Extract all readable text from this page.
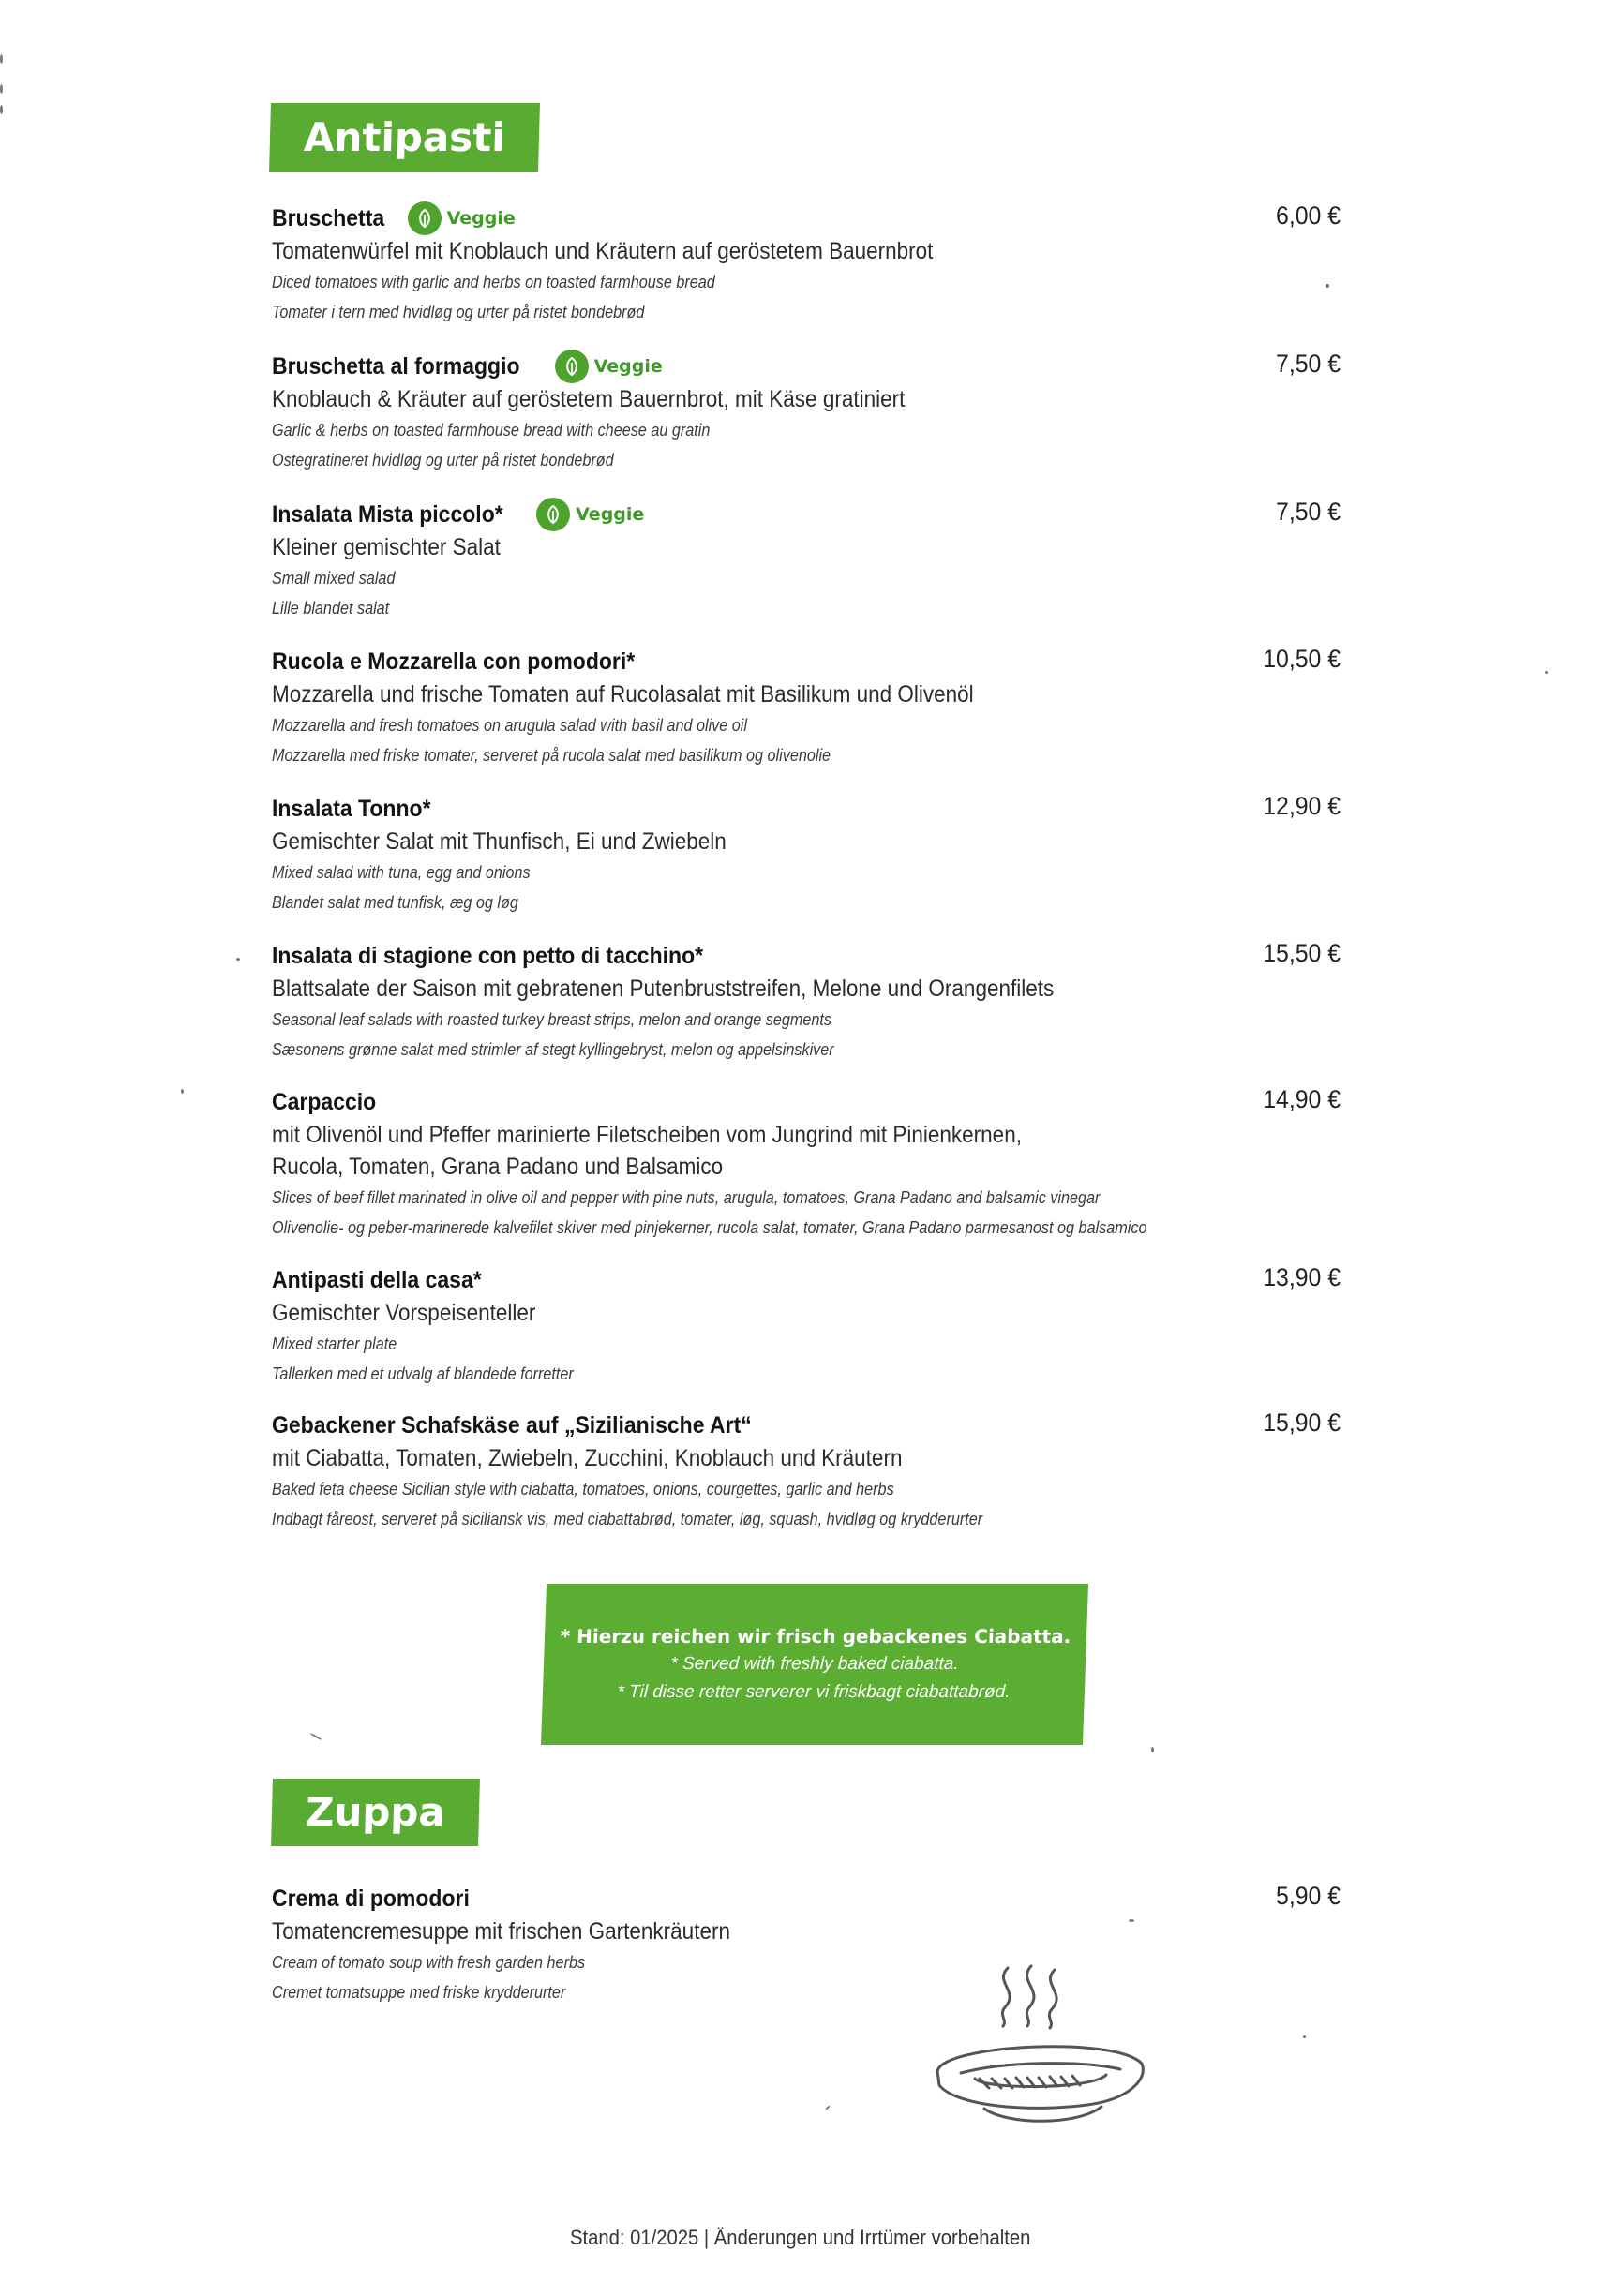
Antipasti
Bruschetta	Veggie	6,00 €
Tomatenwürfel mit Knoblauch und Kräutern auf geröstetem Bauernbrot
Diced tomatoes with garlic and herbs on toasted farmhouse bread
Tomater i tern med hvidløg og urter på ristet bondebrød
Bruschetta al formaggio	Veggie	7,50 €
Knoblauch & Kräuter auf geröstetem Bauernbrot, mit Käse gratiniert
Garlic & herbs on toasted farmhouse bread with cheese au gratin
Ostegratineret hvidløg og urter på ristet bondebrød
Insalata Mista piccolo*	Veggie	7,50 €
Kleiner gemischter Salat
Small mixed salad
Lille blandet salat
Rucola e Mozzarella con pomodori*	10,50 €
Mozzarella und frische Tomaten auf Rucolasalat mit Basilikum und Olivenöl
Mozzarella and fresh tomatoes on arugula salad with basil and olive oil
Mozzarella med friske tomater, serveret på rucola salat med basilikum og olivenolie
Insalata Tonno*	12,90 €
Gemischter Salat mit Thunfisch, Ei und Zwiebeln
Mixed salad with tuna, egg and onions
Blandet salat med tunfisk, æg og løg
Insalata di stagione con petto di tacchino*	15,50 €
Blattsalate der Saison mit gebratenen Putenbruststreifen, Melone und Orangenfilets
Seasonal leaf salads with roasted turkey breast strips, melon and orange segments
Sæsonens grønne salat med strimler af stegt kyllingebryst, melon og appelsinskiver
Carpaccio	14,90 €
mit Olivenöl und Pfeffer marinierte Filetscheiben vom Jungrind mit Pinienkernen,
Rucola, Tomaten, Grana Padano und Balsamico
Slices of beef fillet marinated in olive oil and pepper with pine nuts, arugula, tomatoes, Grana Padano and balsamic vinegar
Olivenolie- og peber-marinerede kalvefilet skiver med pinjekerner, rucola salat, tomater, Grana Padano parmesanost og balsamico
Antipasti della casa*	13,90 €
Gemischter Vorspeisenteller
Mixed starter plate
Tallerken med et udvalg af blandede forretter
Gebackener Schafskäse auf „Sizilianische Art“	15,90 €
mit Ciabatta, Tomaten, Zwiebeln, Zucchini, Knoblauch und Kräutern
Baked feta cheese Sicilian style with ciabatta, tomatoes, onions, courgettes, garlic and herbs
Indbagt fåreost, serveret på siciliansk vis, med ciabattabrød, tomater, løg, squash, hvidløg og krydderurter
* Hierzu reichen wir frisch gebackenes Ciabatta.
* Served with freshly baked ciabatta.
* Til disse retter serverer vi friskbagt ciabattabrød.
Zuppa
Crema di pomodori	5,90 €
Tomatencremesuppe mit frischen Gartenkräutern
Cream of tomato soup with fresh garden herbs
Cremet tomatsuppe med friske krydderurter
Stand: 01/2025 | Änderungen und Irrtümer vorbehalten
